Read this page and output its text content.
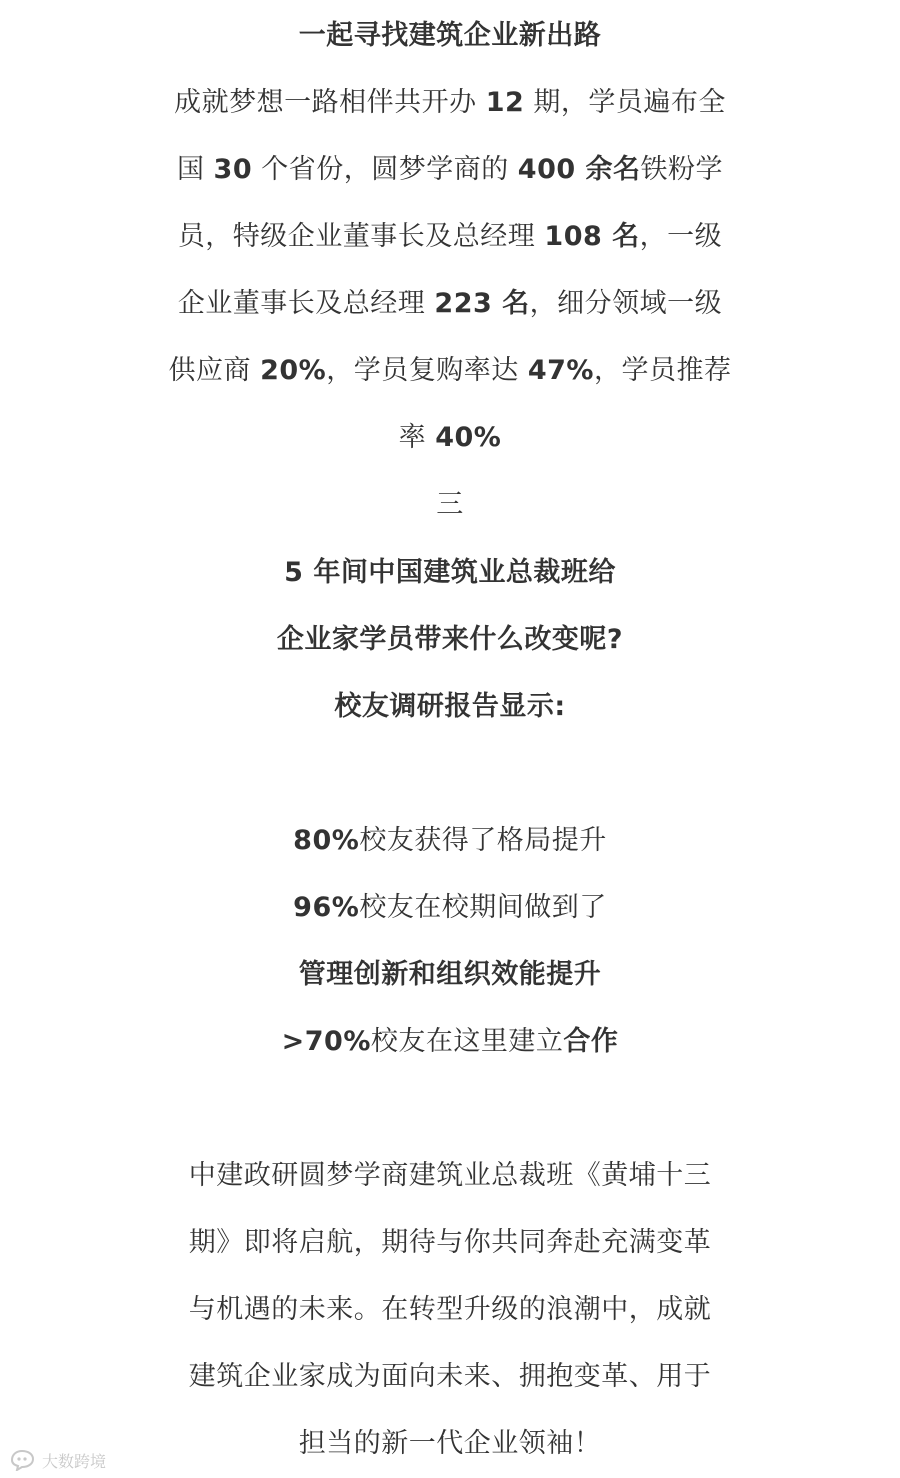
一起寻找建筑企业新出路
成就梦想一路相伴共开办 12 期，学员遍布全
国 30 个省份，圆梦学商的 400 余名铁粉学
员，特级企业董事长及总经理 108 名，一级
企业董事长及总经理 223 名，细分领域一级
供应商 20%，学员复购率达 47%，学员推荐
率 40%
三
5 年间中国建筑业总裁班给
企业家学员带来什么改变呢?
校友调研报告显示:
80%校友获得了格局提升
96%校友在校期间做到了
管理创新和组织效能提升
>70%校友在这里建立合作
中建政研圆梦学商建筑业总裁班《黄埔十三
期》即将启航，期待与你共同奔赴充满变革
与机遇的未来。在转型升级的浪潮中，成就
建筑企业家成为面向未来、拥抱变革、用于
担当的新一代企业领袖！
大数跨境
